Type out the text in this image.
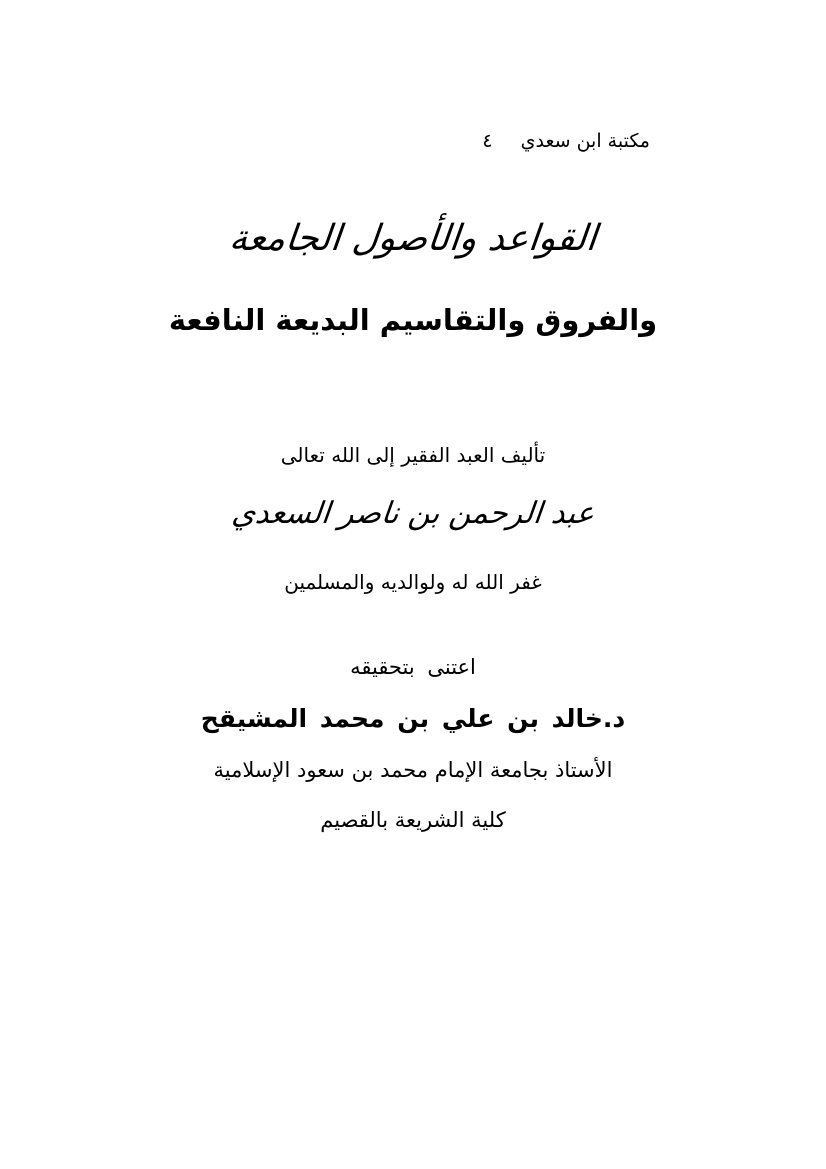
مكتبة ابن سعدي
٤
القواعد والأصول الجامعة
والفروق والتقاسيم البديعة النافعة
تأليف العبد الفقير إلى الله تعالى
عبد الرحمن بن ناصر السعدي
غفر الله له ولوالديه والمسلمين
اعتنى بتحقيقه
د.خالد بن علي بن محمد المشيقح
الأستاذ بجامعة الإمام محمد بن سعود الإسلامية
كلية الشريعة بالقصيم
